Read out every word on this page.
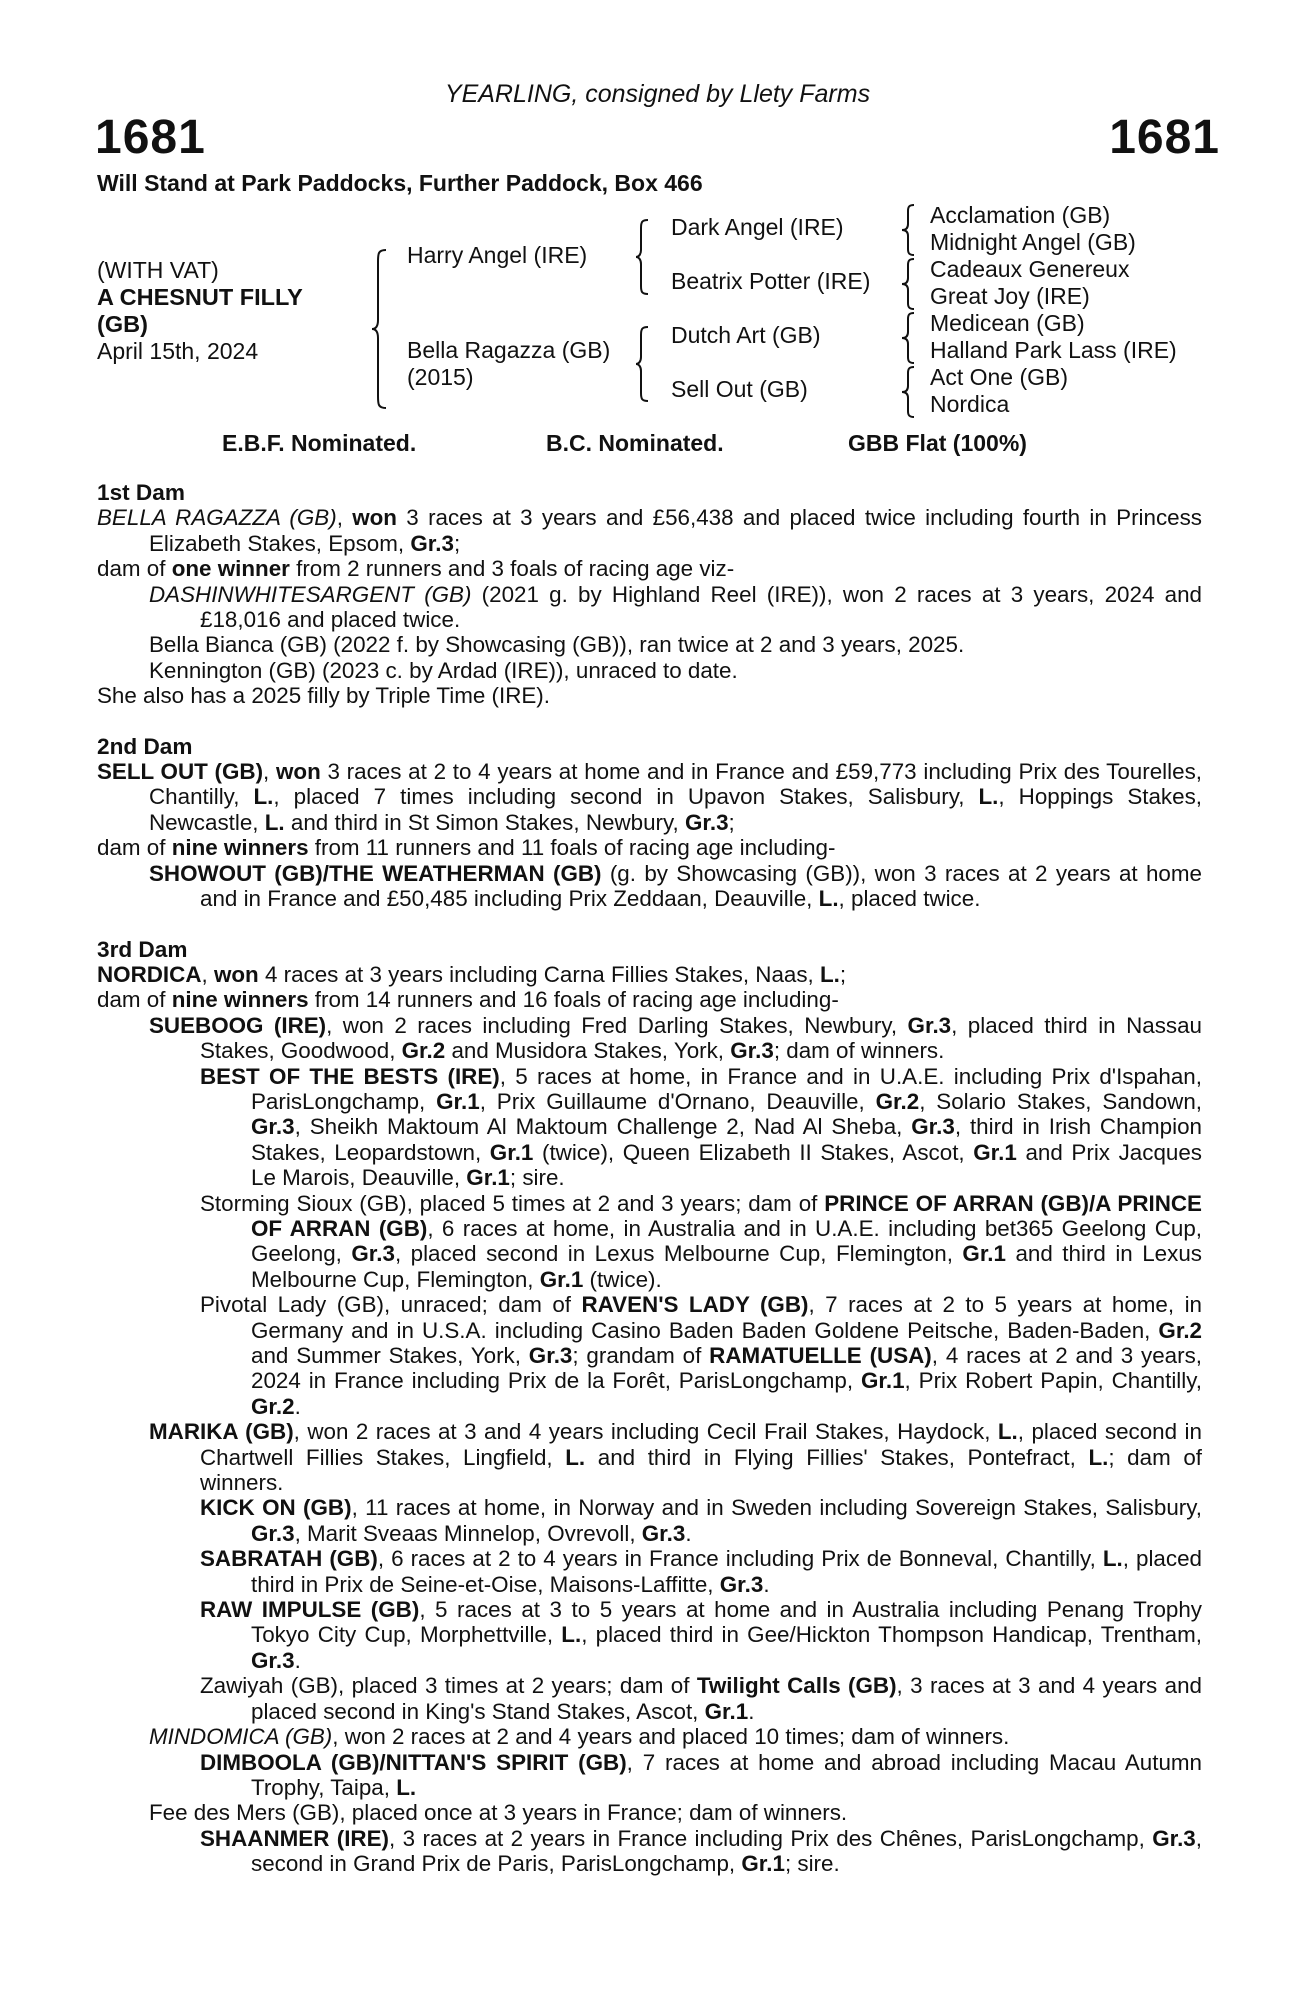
YEARLING, consigned by Llety Farms
1681	1681
Will Stand at Park Paddocks, Further Paddock, Box 466
(WITH VAT)
A CHESNUT FILLY
(GB)
April 15th, 2024
Harry Angel (IRE)
Bella Ragazza (GB)
(2015)
Dark Angel (IRE)
Beatrix Potter (IRE)
Dutch Art (GB)
Sell Out (GB)
Acclamation (GB)
Midnight Angel (GB)
Cadeaux Genereux
Great Joy (IRE)
Medicean (GB)
Halland Park Lass (IRE)
Act One (GB)
Nordica
E.B.F. Nominated.	B.C. Nominated.	GBB Flat (100%)
1st Dam
BELLA RAGAZZA (GB), won 3 races at 3 years and £56,438 and placed twice including fourth in Princess Elizabeth Stakes, Epsom, Gr.3;
dam of one winner from 2 runners and 3 foals of racing age viz-
DASHINWHITESARGENT (GB) (2021 g. by Highland Reel (IRE)), won 2 races at 3 years, 2024 and £18,016 and placed twice.
Bella Bianca (GB) (2022 f. by Showcasing (GB)), ran twice at 2 and 3 years, 2025.
Kennington (GB) (2023 c. by Ardad (IRE)), unraced to date.
She also has a 2025 filly by Triple Time (IRE).
2nd Dam
SELL OUT (GB), won 3 races at 2 to 4 years at home and in France and £59,773 including Prix des Tourelles, Chantilly, L., placed 7 times including second in Upavon Stakes, Salisbury, L., Hoppings Stakes, Newcastle, L. and third in St Simon Stakes, Newbury, Gr.3;
dam of nine winners from 11 runners and 11 foals of racing age including-
SHOWOUT (GB)/THE WEATHERMAN (GB) (g. by Showcasing (GB)), won 3 races at 2 years at home and in France and £50,485 including Prix Zeddaan, Deauville, L., placed twice.
3rd Dam
NORDICA, won 4 races at 3 years including Carna Fillies Stakes, Naas, L.;
dam of nine winners from 14 runners and 16 foals of racing age including-
SUEBOOG (IRE), won 2 races including Fred Darling Stakes, Newbury, Gr.3, placed third in Nassau Stakes, Goodwood, Gr.2 and Musidora Stakes, York, Gr.3; dam of winners.
BEST OF THE BESTS (IRE), 5 races at home, in France and in U.A.E. including Prix d'Ispahan, ParisLongchamp, Gr.1, Prix Guillaume d'Ornano, Deauville, Gr.2, Solario Stakes, Sandown, Gr.3, Sheikh Maktoum Al Maktoum Challenge 2, Nad Al Sheba, Gr.3, third in Irish Champion Stakes, Leopardstown, Gr.1 (twice), Queen Elizabeth II Stakes, Ascot, Gr.1 and Prix Jacques Le Marois, Deauville, Gr.1; sire.
Storming Sioux (GB), placed 5 times at 2 and 3 years; dam of PRINCE OF ARRAN (GB)/A PRINCE OF ARRAN (GB), 6 races at home, in Australia and in U.A.E. including bet365 Geelong Cup, Geelong, Gr.3, placed second in Lexus Melbourne Cup, Flemington, Gr.1 and third in Lexus Melbourne Cup, Flemington, Gr.1 (twice).
Pivotal Lady (GB), unraced; dam of RAVEN'S LADY (GB), 7 races at 2 to 5 years at home, in Germany and in U.S.A. including Casino Baden Baden Goldene Peitsche, Baden-Baden, Gr.2 and Summer Stakes, York, Gr.3; grandam of RAMATUELLE (USA), 4 races at 2 and 3 years, 2024 in France including Prix de la Forêt, ParisLongchamp, Gr.1, Prix Robert Papin, Chantilly, Gr.2.
MARIKA (GB), won 2 races at 3 and 4 years including Cecil Frail Stakes, Haydock, L., placed second in Chartwell Fillies Stakes, Lingfield, L. and third in Flying Fillies' Stakes, Pontefract, L.; dam of winners.
KICK ON (GB), 11 races at home, in Norway and in Sweden including Sovereign Stakes, Salisbury, Gr.3, Marit Sveaas Minnelop, Ovrevoll, Gr.3.
SABRATAH (GB), 6 races at 2 to 4 years in France including Prix de Bonneval, Chantilly, L., placed third in Prix de Seine-et-Oise, Maisons-Laffitte, Gr.3.
RAW IMPULSE (GB), 5 races at 3 to 5 years at home and in Australia including Penang Trophy Tokyo City Cup, Morphettville, L., placed third in Gee/Hickton Thompson Handicap, Trentham, Gr.3.
Zawiyah (GB), placed 3 times at 2 years; dam of Twilight Calls (GB), 3 races at 3 and 4 years and placed second in King's Stand Stakes, Ascot, Gr.1.
MINDOMICA (GB), won 2 races at 2 and 4 years and placed 10 times; dam of winners.
DIMBOOLA (GB)/NITTAN'S SPIRIT (GB), 7 races at home and abroad including Macau Autumn Trophy, Taipa, L.
Fee des Mers (GB), placed once at 3 years in France; dam of winners.
SHAANMER (IRE), 3 races at 2 years in France including Prix des Chênes, ParisLongchamp, Gr.3, second in Grand Prix de Paris, ParisLongchamp, Gr.1; sire.
